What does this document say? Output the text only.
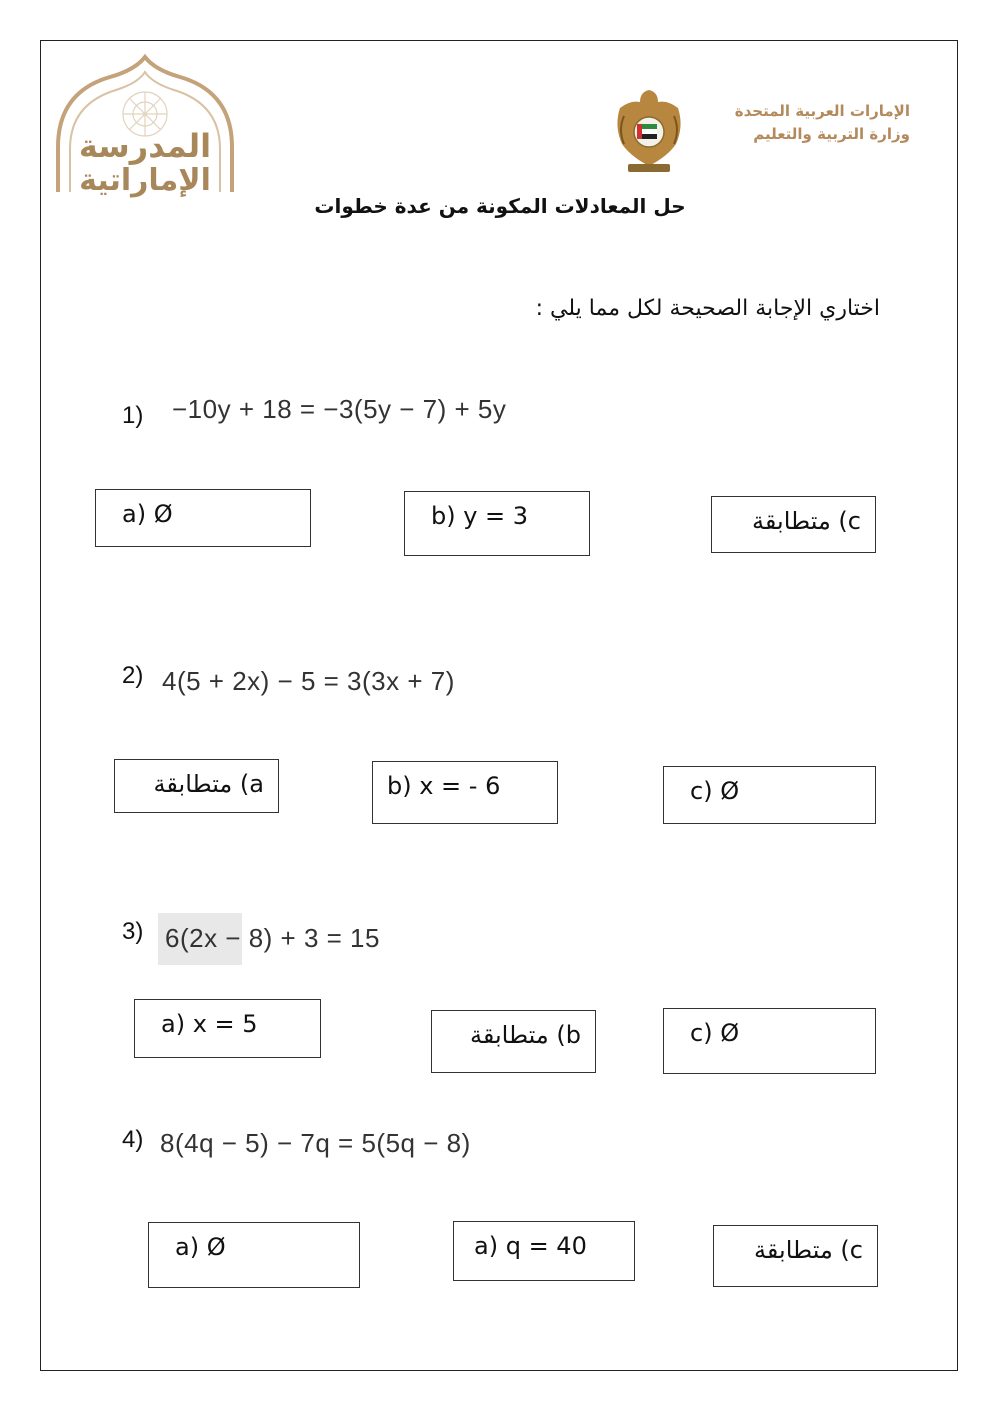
المدرسة
الإماراتية
الإمارات العربية المتحدة
وزارة التربية والتعليم
حل المعادلات المكونة من عدة خطوات
اختاري الإجابة الصحيحة لكل مما يلي :
1) −10y + 18 = −3(5y − 7) + 5y
a) Ø	b) y = 3	c) متطابقة
2) 4(5 + 2x) − 5 = 3(3x + 7)
a) متطابقة	b) x = - 6	c) Ø
3) 6(2x − 8) + 3 = 15
a) x = 5	b) متطابقة	c) Ø
4) 8(4q − 5) − 7q = 5(5q − 8)
a) Ø	a) q = 40	c) متطابقة
